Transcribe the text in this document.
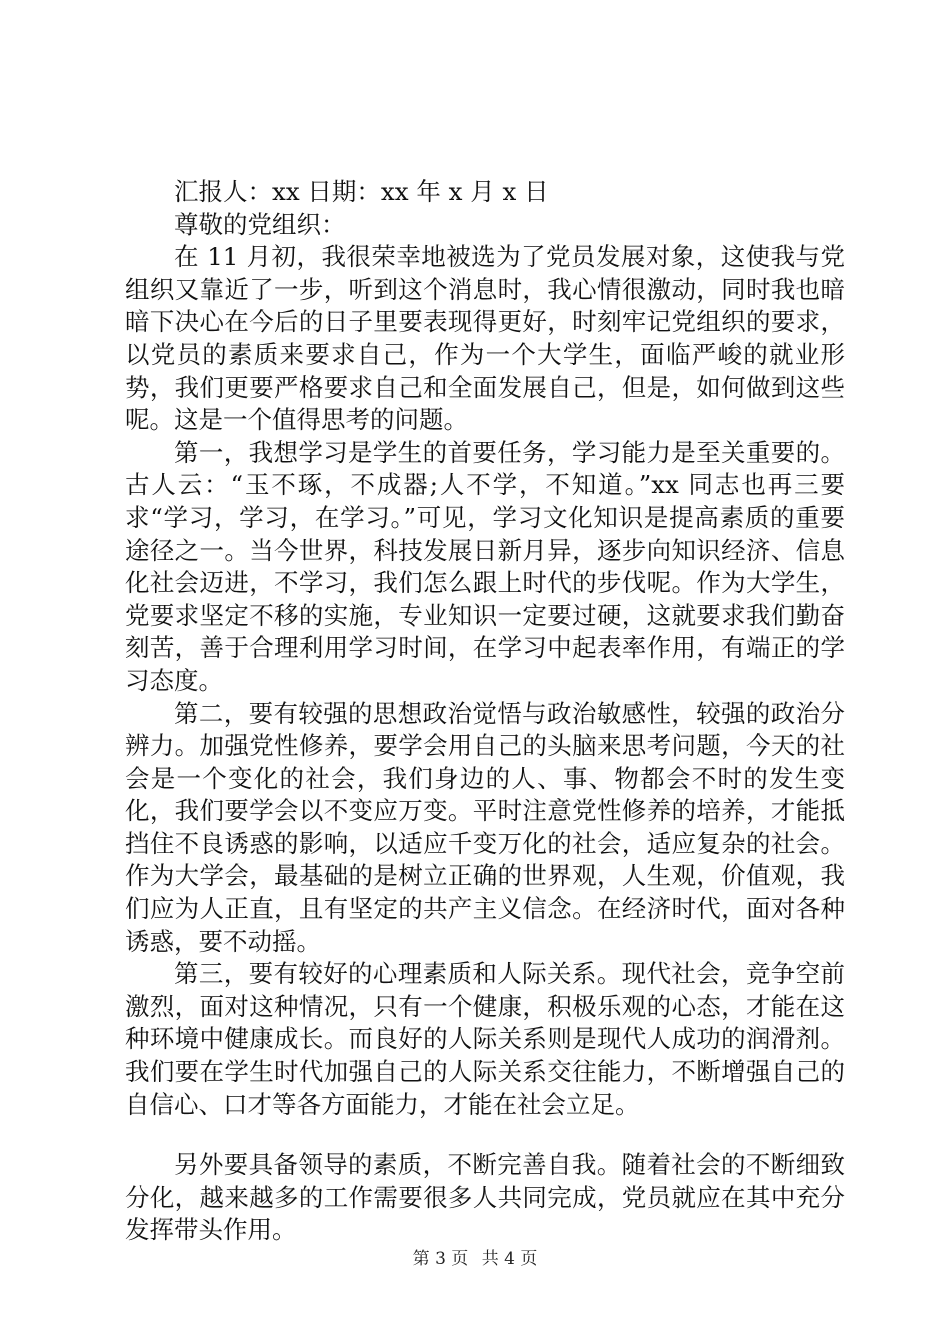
汇报人：xx 日期：xx 年 x 月 x 日

尊敬的党组织：

在 11 月初，我很荣幸地被选为了党员发展对象，这使我与党组织又靠近了一步，听到这个消息时，我心情很激动，同时我也暗暗下决心在今后的日子里要表现得更好，时刻牢记党组织的要求，以党员的素质来要求自己，作为一个大学生，面临严峻的就业形势，我们更要严格要求自己和全面发展自己，但是，如何做到这些呢。这是一个值得思考的问题。

第一，我想学习是学生的首要任务，学习能力是至关重要的。古人云：“玉不琢，不成器;人不学，不知道。”xx 同志也再三要求“学习，学习，在学习。”可见，学习文化知识是提高素质的重要途径之一。当今世界，科技发展日新月异，逐步向知识经济、信息化社会迈进，不学习，我们怎么跟上时代的步伐呢。作为大学生，党要求坚定不移的实施，专业知识一定要过硬，这就要求我们勤奋刻苦，善于合理利用学习时间，在学习中起表率作用，有端正的学习态度。

第二，要有较强的思想政治觉悟与政治敏感性，较强的政治分辨力。加强党性修养，要学会用自己的头脑来思考问题，今天的社会是一个变化的社会，我们身边的人、事、物都会不时的发生变化，我们要学会以不变应万变。平时注意党性修养的培养，才能抵挡住不良诱惑的影响，以适应千变万化的社会，适应复杂的社会。作为大学会，最基础的是树立正确的世界观，人生观，价值观，我们应为人正直，且有坚定的共产主义信念。在经济时代，面对各种诱惑，要不动摇。

第三，要有较好的心理素质和人际关系。现代社会，竞争空前激烈，面对这种情况，只有一个健康，积极乐观的心态，才能在这种环境中健康成长。而良好的人际关系则是现代人成功的润滑剂。我们要在学生时代加强自己的人际关系交往能力，不断增强自己的自信心、口才等各方面能力，才能在社会立足。

另外要具备领导的素质，不断完善自我。随着社会的不断细致分化，越来越多的工作需要很多人共同完成，党员就应在其中充分发挥带头作用。

第 3 页 共 4 页
